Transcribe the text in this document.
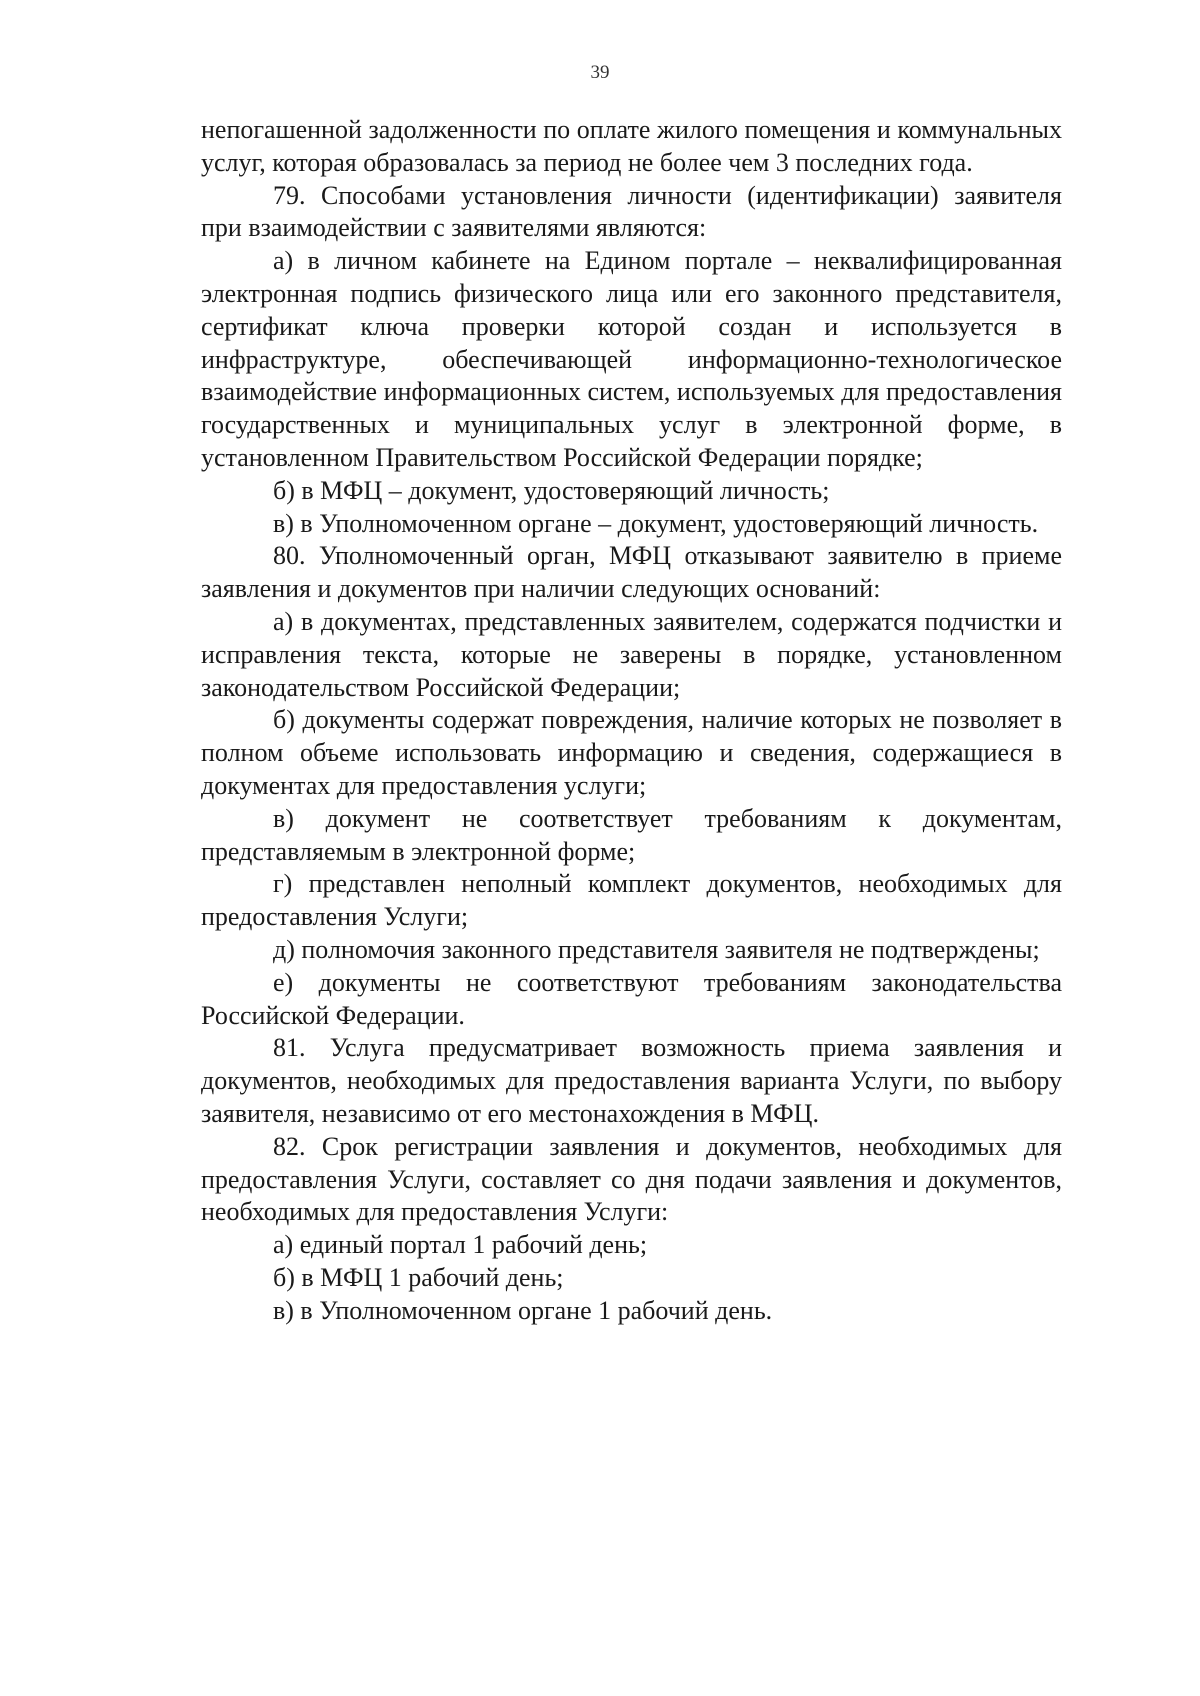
39

непогашенной задолженности по оплате жилого помещения и коммунальных услуг, которая образовалась за период не более чем 3 последних года.

79. Способами установления личности (идентификации) заявителя при взаимодействии с заявителями являются:

а) в личном кабинете на Едином портале – неквалифицированная электронная подпись физического лица или его законного представителя, сертификат ключа проверки которой создан и используется в инфраструктуре, обеспечивающей информационно-технологическое взаимодействие информационных систем, используемых для предоставления государственных и муниципальных услуг в электронной форме, в установленном Правительством Российской Федерации порядке;

б) в МФЦ – документ, удостоверяющий личность;

в) в Уполномоченном органе – документ, удостоверяющий личность.

80. Уполномоченный орган, МФЦ отказывают заявителю в приеме заявления и документов при наличии следующих оснований:

а) в документах, представленных заявителем, содержатся подчистки и исправления текста, которые не заверены в порядке, установленном законодательством Российской Федерации;

б) документы содержат повреждения, наличие которых не позволяет в полном объеме использовать информацию и сведения, содержащиеся в документах для предоставления услуги;

в) документ не соответствует требованиям к документам, представляемым в электронной форме;

г) представлен неполный комплект документов, необходимых для предоставления Услуги;

д) полномочия законного представителя заявителя не подтверждены;

е) документы не соответствуют требованиям законодательства Российской Федерации.

81. Услуга предусматривает возможность приема заявления и документов, необходимых для предоставления варианта Услуги, по выбору заявителя, независимо от его местонахождения в МФЦ.

82. Срок регистрации заявления и документов, необходимых для предоставления Услуги, составляет со дня подачи заявления и документов, необходимых для предоставления Услуги:

а) единый портал 1 рабочий день;

б) в МФЦ 1 рабочий день;

в) в Уполномоченном органе 1 рабочий день.
